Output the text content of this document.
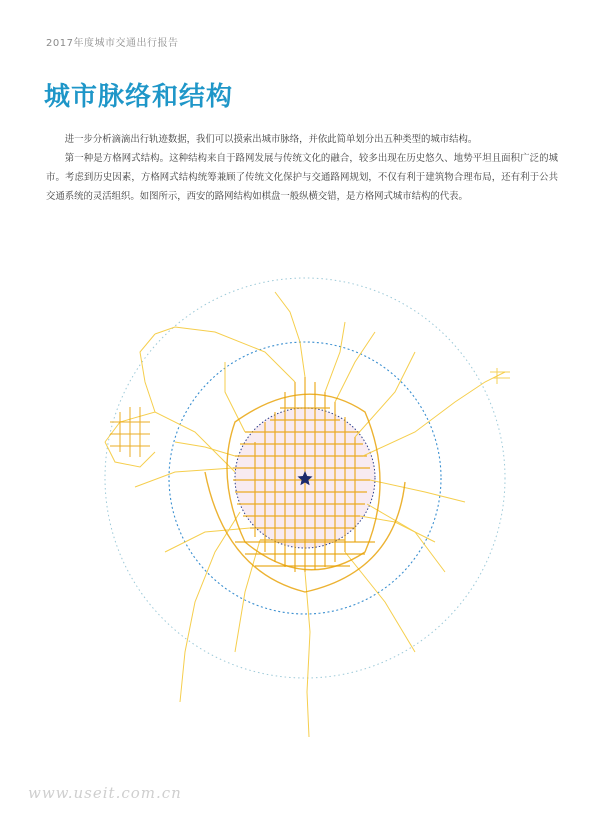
2017年度城市交通出行报告
城市脉络和结构

进一步分析滴滴出行轨迹数据，我们可以摸索出城市脉络，并依此简单划分出五种类型的城市结构。

第一种是方格网式结构。这种结构来自于路网发展与传统文化的融合，较多出现在历史悠久、地势平坦且面积广泛的城市。考虑到历史因素，方格网式结构统筹兼顾了传统文化保护与交通路网规划，不仅有利于建筑物合理布局，还有利于公共交通系统的灵活组织。如图所示，西安的路网结构如棋盘一般纵横交错，是方格网式城市结构的代表。

www.useit.com.cn
